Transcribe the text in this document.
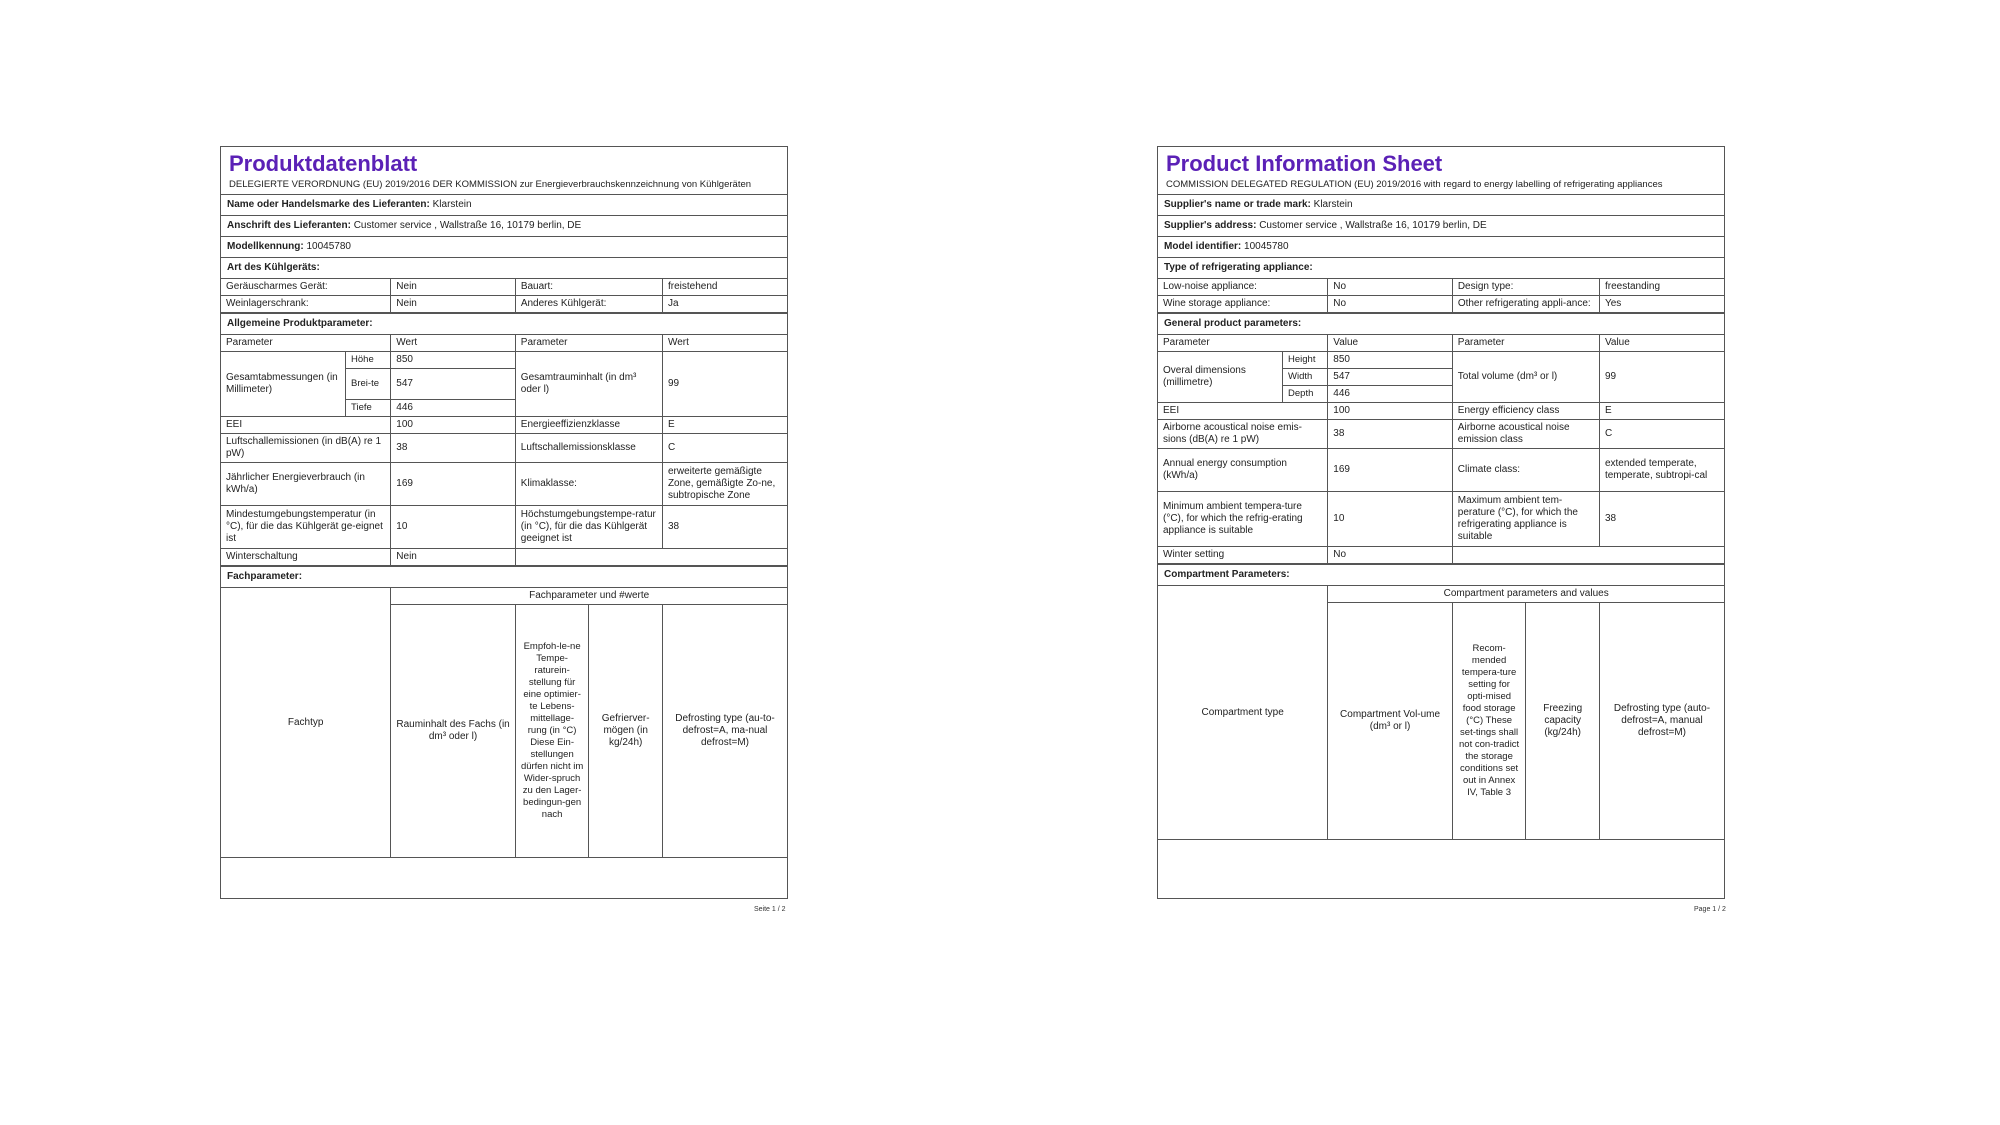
Produktdatenblatt
DELEGIERTE VERORDNUNG (EU) 2019/2016 DER KOMMISSION zur Energieverbrauchskennzeichnung von Kühlgeräten
Name oder Handelsmarke des Lieferanten: Klarstein
Anschrift des Lieferanten: Customer service , Wallstraße 16, 10179 berlin, DE
Modellkennung: 10045780
Art des Kühlgeräts:
Geräuscharmes Gerät:	Nein	Bauart:	freistehend
Weinlagerschrank:	Nein	Anderes Kühlgerät:	Ja
Allgemeine Produktparameter:
Parameter		Wert	Parameter	Wert
Gesamtabmessungen (in Millimeter)	Höhe	850	Gesamtrauminhalt (in dm³ oder l)	99
	Brei-te	547		
	Tiefe	446		
EEI		100	Energieeffizienzklasse	E
Luftschallemissionen (in dB(A) re 1 pW)		38	Luftschallemissionsklasse	C
Jährlicher Energieverbrauch (in kWh/a)		169	Klimaklasse:	erweiterte gemäßigte Zone, gemäßigte Zo-ne, subtropische Zone
Mindestumgebungstemperatur (in °C), für die das Kühlgerät ge-eignet ist		10	Höchstumgebungstempe-ratur (in °C), für die das Kühlgerät geeignet ist	38
Winterschaltung		Nein		
Fachparameter:
Fachtyp	Fachparameter und #werte			
	Rauminhalt des Fachs (in dm³ oder l)	Empfoh-le-ne Tempe-raturein-stellung für eine optimier-te Lebens-mittellage-rung (in °C) Diese Ein-stellungen dürfen nicht im Wider-spruch zu den Lager-bedingun-gen nach	Gefrierver-mögen (in kg/24h)	Defrosting type (au-to-defrost=A, ma-nual defrost=M)
Seite 1 / 2
Product Information Sheet
COMMISSION DELEGATED REGULATION (EU) 2019/2016 with regard to energy labelling of refrigerating appliances
Supplier's name or trade mark: Klarstein
Supplier's address: Customer service , Wallstraße 16, 10179 berlin, DE
Model identifier: 10045780
Type of refrigerating appliance:
Low-noise appliance:	No	Design type:	freestanding
Wine storage appliance:	No	Other refrigerating appli-ance:	Yes
General product parameters:
Parameter		Value	Parameter	Value
Overal dimensions (millimetre)	Height	850	Total volume (dm³ or l)	99
	Width	547		
	Depth	446		
EEI		100	Energy efficiency class	E
Airborne acoustical noise emis-sions (dB(A) re 1 pW)		38	Airborne acoustical noise emission class	C
Annual energy consumption (kWh/a)		169	Climate class:	extended temperate, temperate, subtropi-cal
Minimum ambient tempera-ture (°C), for which the refrig-erating appliance is suitable		10	Maximum ambient tem-perature (°C), for which the refrigerating appliance is suitable	38
Winter setting		No		
Compartment Parameters:
Compartment type	Compartment parameters and values			
	Compartment Vol-ume (dm³ or l)	Recom-mended tempera-ture setting for opti-mised food storage (°C) These set-tings shall not con-tradict the storage conditions set out in Annex IV, Table 3	Freezing capacity (kg/24h)	Defrosting type (auto-defrost=A, manual defrost=M)
Page 1 / 2
